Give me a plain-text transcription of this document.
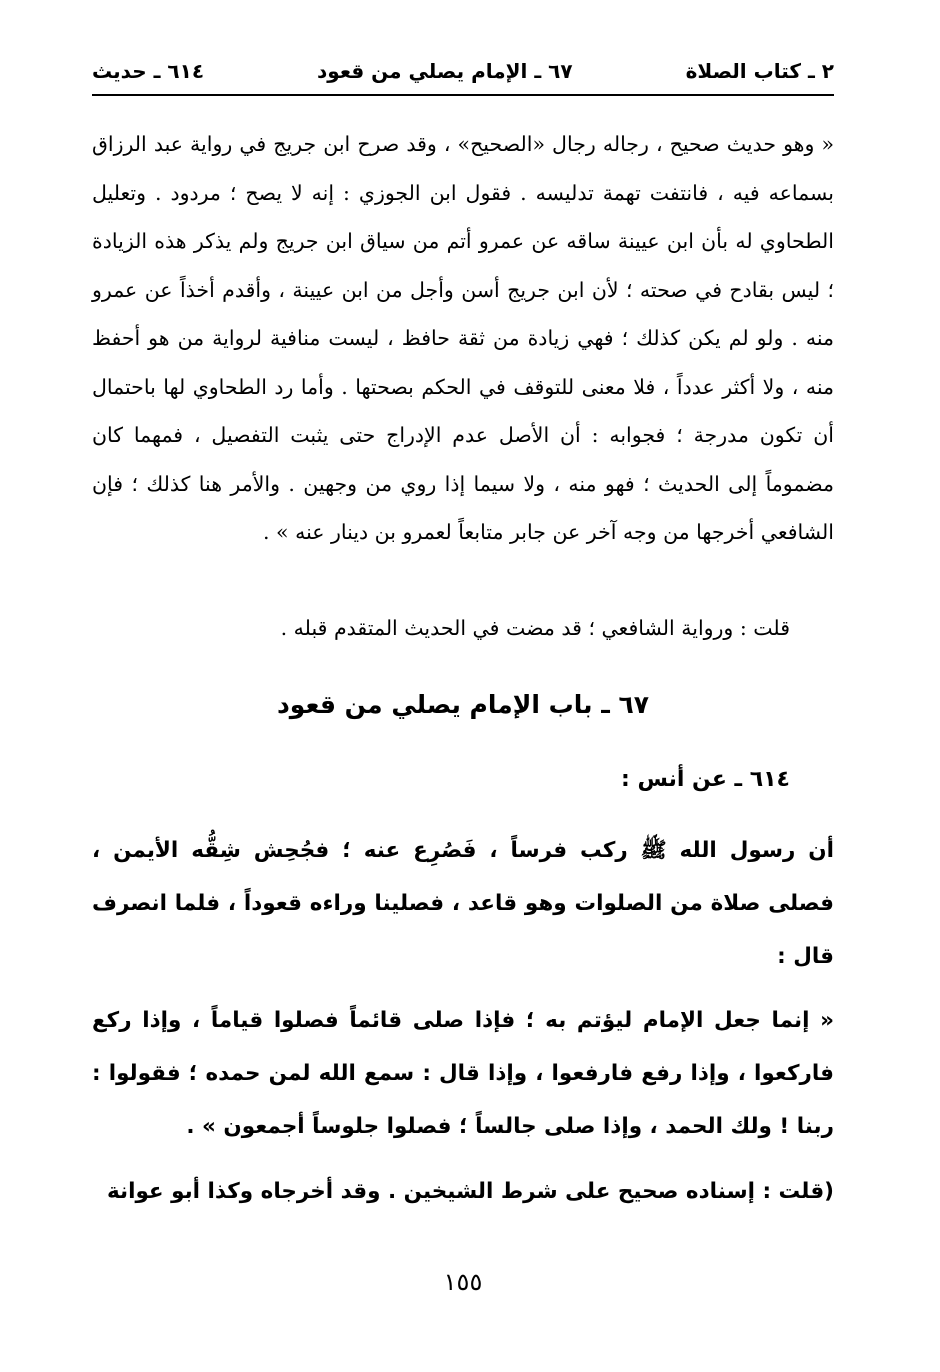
٢ ـ كتاب الصلاة
٦٧ ـ الإمام يصلي من قعود
٦١٤ ـ حديث

« وهو حديث صحيح ، رجاله رجال «الصحيح» ، وقد صرح ابن جريج في رواية عبد الرزاق بسماعه فيه ، فانتفت تهمة تدليسه . فقول ابن الجوزي : إنه لا يصح ؛ مردود . وتعليل الطحاوي له بأن ابن عيينة ساقه عن عمرو أتم من سياق ابن جريج ولم يذكر هذه الزيادة ؛ ليس بقادح في صحته ؛ لأن ابن جريج أسن وأجل من ابن عيينة ، وأقدم أخذاً عن عمرو منه . ولو لم يكن كذلك ؛ فهي زيادة من ثقة حافظ ، ليست منافية لرواية من هو أحفظ منه ، ولا أكثر عدداً ، فلا معنى للتوقف في الحكم بصحتها . وأما رد الطحاوي لها باحتمال أن تكون مدرجة ؛ فجوابه : أن الأصل عدم الإدراج حتى يثبت التفصيل ، فمهما كان مضموماً إلى الحديث ؛ فهو منه ، ولا سيما إذا روي من وجهين . والأمر هنا كذلك ؛ فإن الشافعي أخرجها من وجه آخر عن جابر متابعاً لعمرو بن دينار عنه » .

قلت : ورواية الشافعي ؛ قد مضت في الحديث المتقدم قبله .

٦٧ ـ باب الإمام يصلي من قعود
٦١٤ ـ عن أنس :

أن رسول الله ﷺ ركب فرساً ، فَصُرِع عنه ؛ فجُحِش شِقُّه الأيمن ، فصلى صلاة من الصلوات وهو قاعد ، فصلينا وراءه قعوداً ، فلما انصرف قال :

« إنما جعل الإمام ليؤتم به ؛ فإذا صلى قائماً فصلوا قياماً ، وإذا ركع فاركعوا ، وإذا رفع فارفعوا ، وإذا قال : سمع الله لمن حمده ؛ فقولوا : ربنا ! ولك الحمد ، وإذا صلى جالساً ؛ فصلوا جلوساً أجمعون » .

(قلت : إسناده صحيح على شرط الشيخين . وقد أخرجاه وكذا أبو عوانة

١٥٥
